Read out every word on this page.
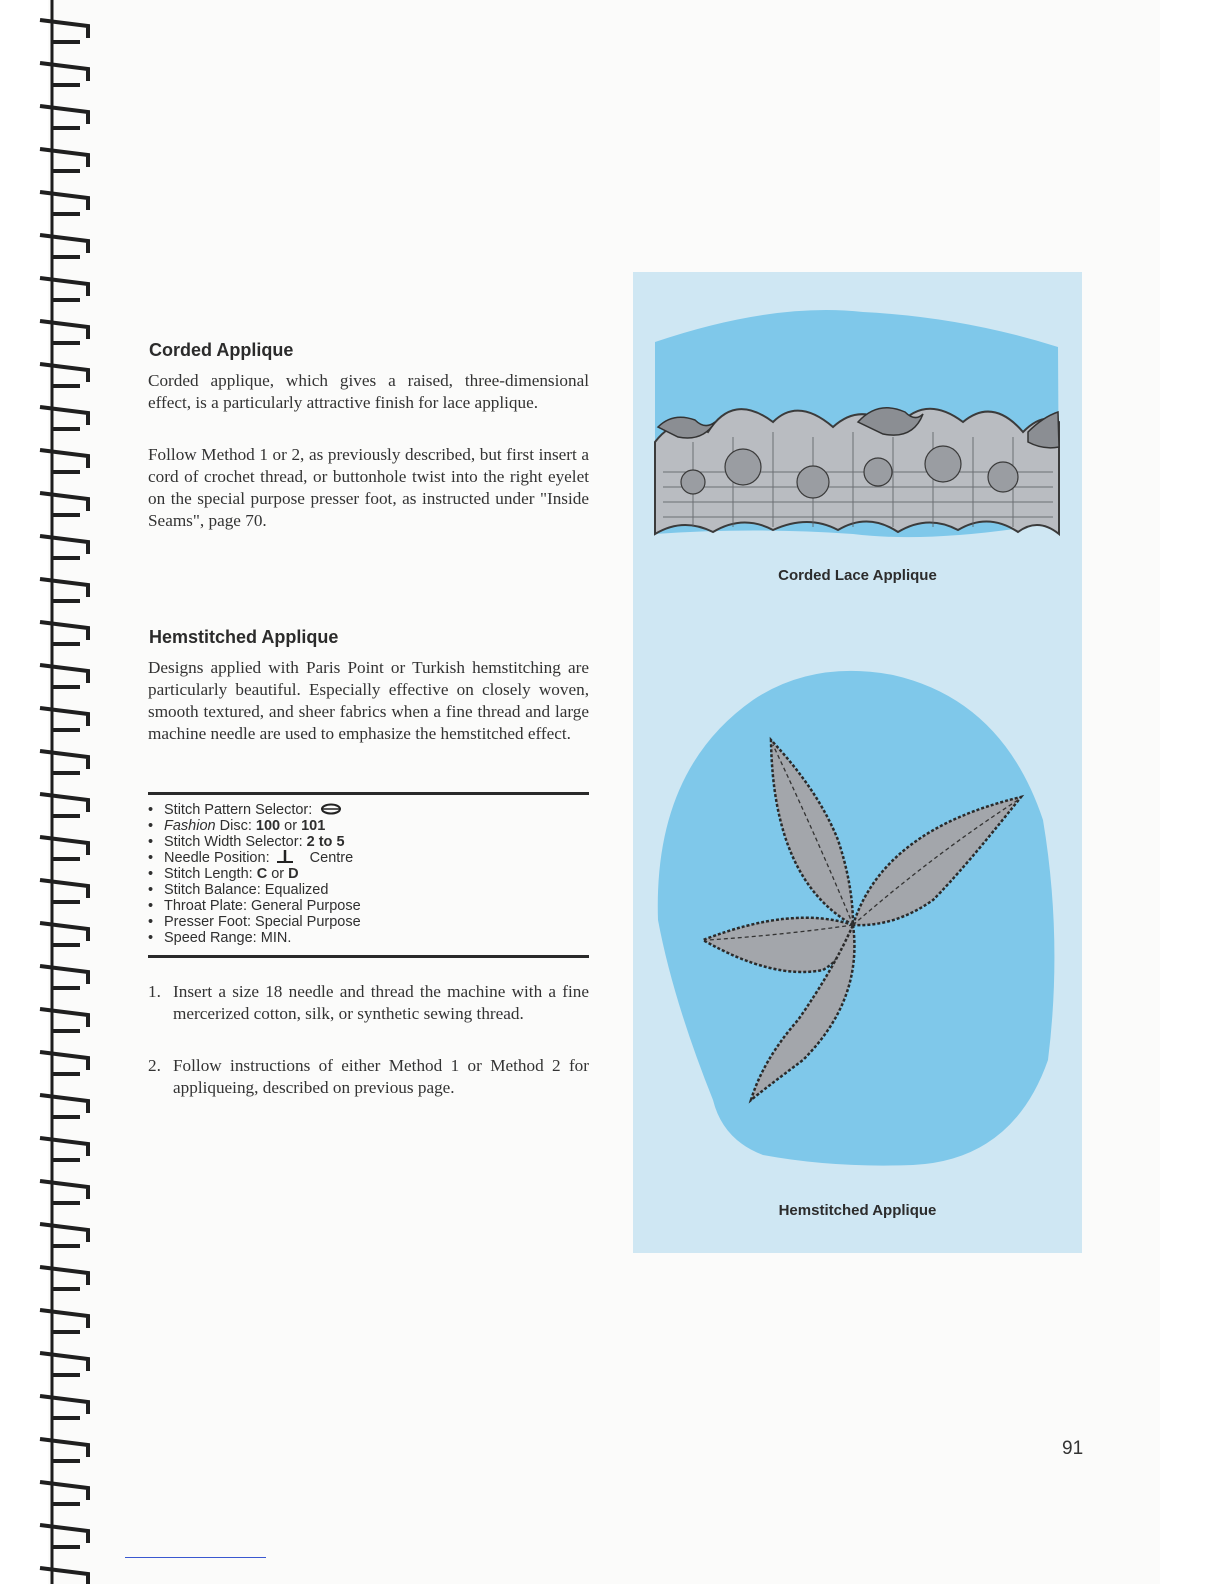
Corded Applique

Corded applique, which gives a raised, three-dimensional effect, is a particularly attractive finish for lace applique.

Follow Method 1 or 2, as previously described, but first insert a cord of crochet thread, or buttonhole twist into the right eyelet on the special purpose presser foot, as instructed under "Inside Seams", page 70.

Hemstitched Applique

Designs applied with Paris Point or Turkish hemstitching are particularly beautiful. Especially effective on closely woven, smooth textured, and sheer fabrics when a fine thread and large machine needle are used to emphasize the hemstitched effect.

• Stitch Pattern Selector:
• Fashion Disc: 100 or 101
• Stitch Width Selector: 2 to 5
• Needle Position:	Centre
• Stitch Length: C or D
• Stitch Balance: Equalized
• Throat Plate: General Purpose
• Presser Foot: Special Purpose
• Speed Range: MIN.
1. Insert a size 18 needle and thread the machine with a fine mercerized cotton, silk, or synthetic sewing thread.
2. Follow instructions of either Method 1 or Method 2 for appliqueing, described on previous page.
Corded Lace Applique
Hemstitched Applique
91
